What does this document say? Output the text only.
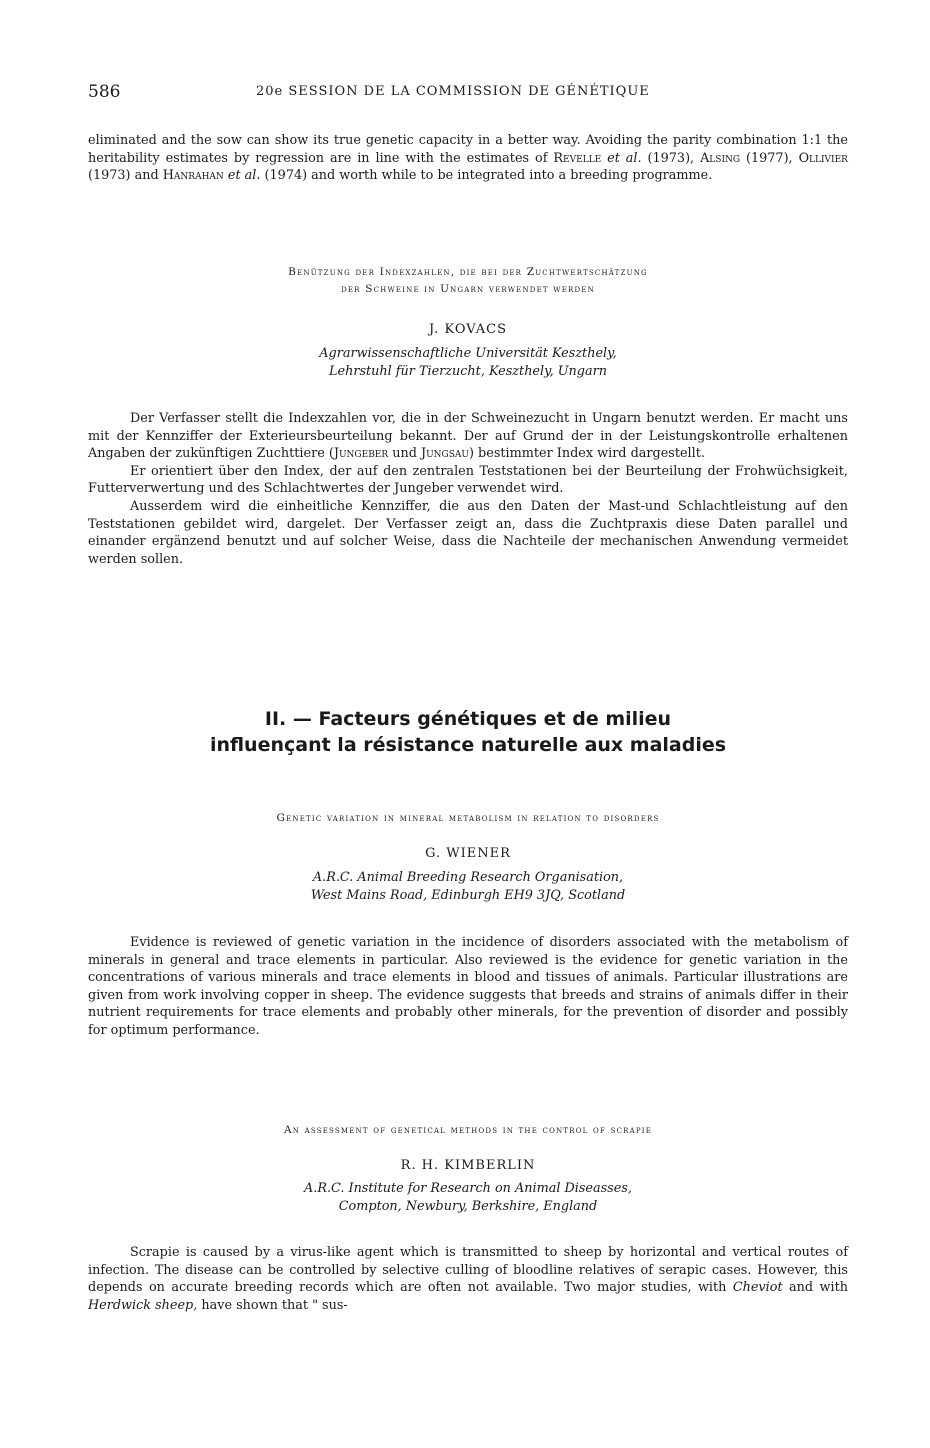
586	20e SESSION DE LA COMMISSION DE GÉNÉTIQUE

eliminated and the sow can show its true genetic capacity in a better way. Avoiding the parity combination 1:1 the heritability estimates by regression are in line with the estimates of Revelle et al. (1973), Alsing (1977), Ollivier (1973) and Hanrahan et al. (1974) and worth while to be integrated into a breeding programme.

Benützung der Indexzahlen, die bei der Zuchtwertschätzung
der Schweine in Ungarn verwendet werden
J. KOVACS
Agrarwissenschaftliche Universität Keszthely,
Lehrstuhl für Tierzucht, Keszthely, Ungarn

Der Verfasser stellt die Indexzahlen vor, die in der Schweinezucht in Ungarn benutzt werden. Er macht uns mit der Kennziffer der Exterieursbeurteilung bekannt. Der auf Grund der in der Leistungskontrolle erhaltenen Angaben der zukünftigen Zuchttiere (Jungeber und Jungsau) bestimmter Index wird dargestellt.

Er orientiert über den Index, der auf den zentralen Teststationen bei der Beurteilung der Frohwüchsigkeit, Futterverwertung und des Schlachtwertes der Jungeber verwendet wird.

Ausserdem wird die einheitliche Kennziffer, die aus den Daten der Mast-und Schlachtleistung auf den Teststationen gebildet wird, dargelet. Der Verfasser zeigt an, dass die Zuchtpraxis diese Daten parallel und einander ergänzend benutzt und auf solcher Weise, dass die Nachteile der mechanischen Anwendung vermeidet werden sollen.

II. — Facteurs génétiques et de milieu
influençant la résistance naturelle aux maladies
Genetic variation in mineral metabolism in relation to disorders
G. WIENER
A.R.C. Animal Breeding Research Organisation,
West Mains Road, Edinburgh EH9 3JQ, Scotland

Evidence is reviewed of genetic variation in the incidence of disorders associated with the metabolism of minerals in general and trace elements in particular. Also reviewed is the evidence for genetic variation in the concentrations of various minerals and trace elements in blood and tissues of animals. Particular illustrations are given from work involving copper in sheep. The evidence suggests that breeds and strains of animals differ in their nutrient requirements for trace elements and probably other minerals, for the prevention of disorder and possibly for optimum performance.

An assessment of genetical methods in the control of scrapie
R. H. KIMBERLIN
A.R.C. Institute for Research on Animal Diseasses,
Compton, Newbury, Berkshire, England

Scrapie is caused by a virus-like agent which is transmitted to sheep by horizontal and vertical routes of infection. The disease can be controlled by selective culling of bloodline relatives of serapic cases. However, this depends on accurate breeding records which are often not available. Two major studies, with Cheviot and with Herdwick sheep, have shown that " sus-
